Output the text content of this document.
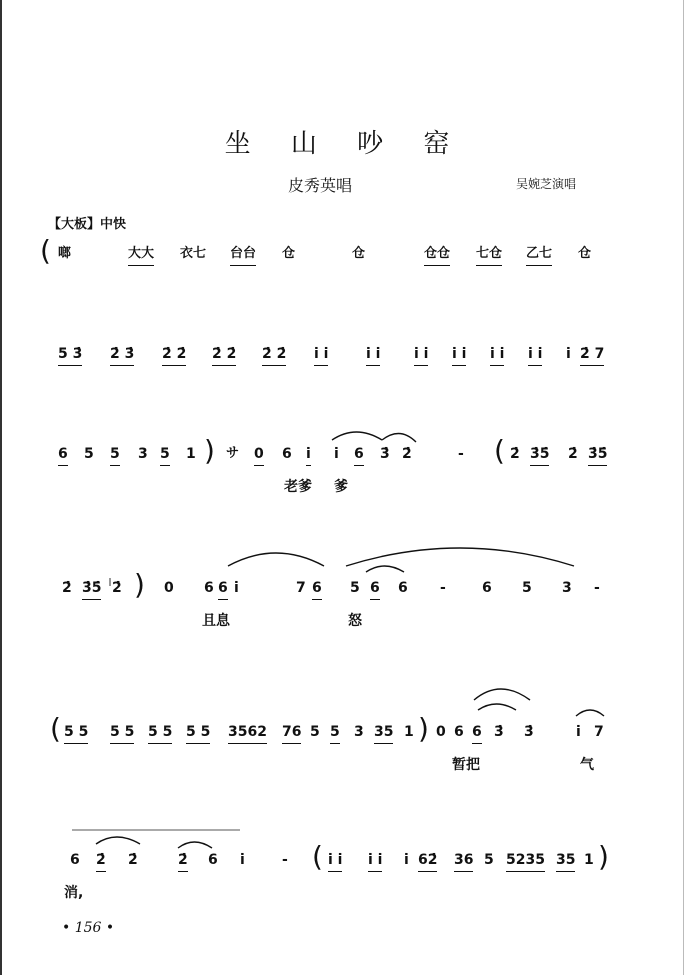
坐 山 吵 窑
皮秀英唱	吴婉芝演唱
【大板】中快
( 啷	大大 衣七 台台 仓	仓	仓仓 七仓 乙七 仓
5 3̇ 2̇ 3̇ 2̇ 2̇ 2̇ 2̇ 2̇ 2̇ i̇ i̇	i̇ i̇ i̇ i̇ i̇ i̇ i̇ i̇ i̇ i̇ i̇ 2̇ 7
6 5 5 3 5 1 ) サ 0 6 i̇ i̇ 6 3̇ 2̇	- ( 2̇ 3̇5̇ 2̇ 3̇5̇
老爹 爹
2̇ 3̇5̇ 2̇ ) 0 6 6 i̇	7 6 5 6 6 -	6 5 3 -
且息	怒
( 5 5 5 5 5 5 5 5 3562 76 5 5 3 35 1 ) 0 6 6 3̇ 3̇	i̇ 7
暂把	气
6 2̇ 2̇	2̇ 6 i̇	- ( i̇ i̇ i̇ i̇ i̇ 62̇ 36 5 5235 35 1 )
消,
• 156 •
